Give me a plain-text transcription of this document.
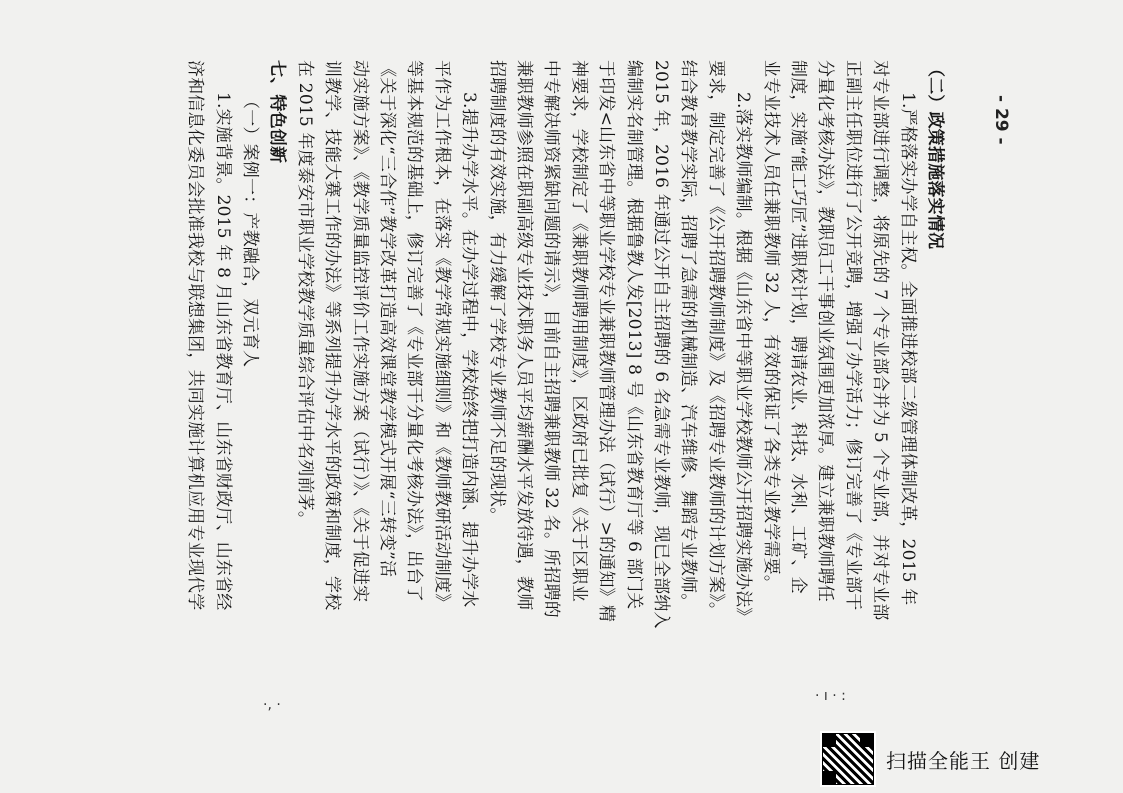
（二）政策措施落实情况
1.严格落实办学自主权。全面推进校部二级管理体制改革，2015 年
对专业部进行调整，将原先的 7 个专业部合并为 5 个专业部，并对专业部
正副主任职位进行了公开竞聘，增强了办学活力；修订完善了《专业部干
分量化考核办法》，教职员工干事创业氛围更加浓厚。建立兼职教师聘任
制度，实施“能工巧匠”进职校计划，聘请农业、科技、水利、工矿、企
业专业技术人员任兼职教师 32 人，有效的保证了各类专业教学需要。
2.落实教师编制。根据《山东省中等职业学校教师公开招聘实施办法》
要求，制定完善了《公开招聘教师制度》及《招聘专业教师的计划方案》。
结合教育教学实际，招聘了急需的机械制造、汽车维修、舞蹈专业教师。
2015 年，2016 年通过公开自主招聘的 6 名急需专业教师，现已全部纳入
编制实名制管理。根据鲁教人发[2013] 8 号《山东省教育厅等 6 部门关
于印发<山东省中等职业学校专业兼职教师管理办法（试行）>的通知》精
神要求，学校制定了《兼职教师聘用制度》，区政府已批复《关于区职业
中专解决师资紧缺问题的请示》，目前自主招聘兼职教师 32 名。所招聘的
兼职教师参照在职副高级专业技术职务人员平均薪酬水平发放待遇，教师
招聘制度的有效实施，有力缓解了学校专业教师不足的现状。
3.提升办学水平。在办学过程中，学校始终把打造内涵、提升办学水
平作为工作根本，在落实《教学常规实施细则》和《教师教研活动制度》
等基本规范的基础上，修订完善了《专业部干分量化考核办法》，出台了
《关于深化“三合作”教学改革打造高效课堂教学模式开展“三转变”活
动实施方案》、《教学质量监控评价工作实施方案（试行）》、《关于促进实
训教学、技能大赛工作的办法》等系列提升办学水平的政策和制度，学校
在 2015 年度泰安市职业学校教学质量综合评估中名列前茅。
七、特色创新
（一）案例一：产教融合，双元育人
1.实施背景。2015 年 8 月山东省教育厅、山东省财政厅、山东省经
济和信息化委员会批准我校与联想集团，共同实施计算机应用专业现代学	- 29 -
·, ·
· ı · :
扫描全能王 创建
